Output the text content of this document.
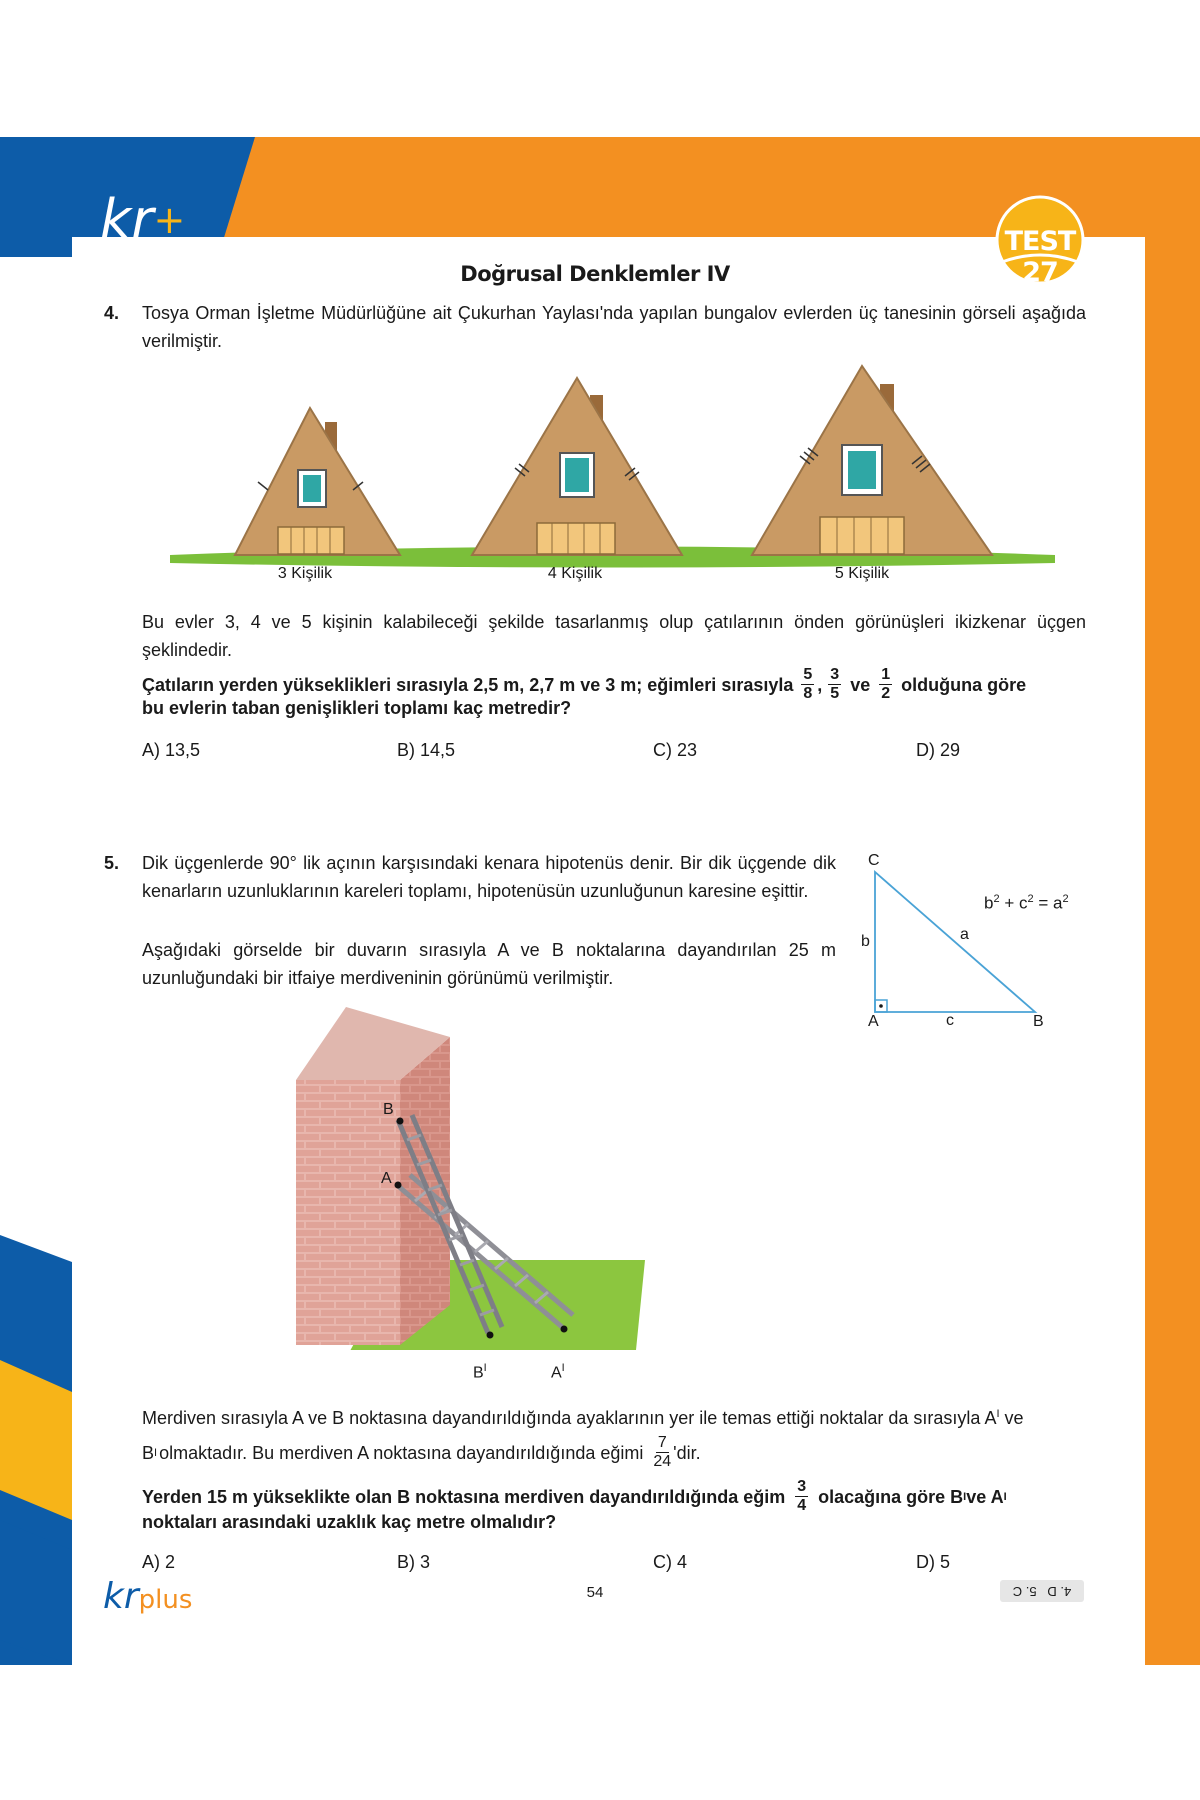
kr+	TEST 27
Doğrusal Denklemler IV
4. Tosya Orman İşletme Müdürlüğüne ait Çukurhan Yaylası'nda yapılan bungalov evlerden üç tanesinin görseli aşağıda verilmiştir.
3 Kişilik	4 Kişilik	5 Kişilik
Bu evler 3, 4 ve 5 kişinin kalabileceği şekilde tasarlanmış olup çatılarının önden görünüşleri ikizkenar üçgen şeklindedir.
Çatıların yerden yükseklikleri sırasıyla 2,5 m, 2,7 m ve 3 m; eğimleri sırasıyla $\frac{5}{8}$ , $\frac{3}{5}$ ve $\frac{1}{2}$ olduğuna göre
bu evlerin taban genişlikleri toplamı kaç metredir?
A) 13,5	B) 14,5	C) 23	D) 29
5. Dik üçgenlerde 90° lik açının karşısındaki kenara hipotenüs denir. Bir dik üçgende dik kenarların uzunluklarının kareleri toplamı, hipotenüsün uzunluğunun karesine eşittir.
Aşağıdaki görselde bir duvarın sırasıyla A ve B noktalarına dayandırılan 25 m uzunluğundaki bir itfaiye merdiveninin görünümü verilmiştir.
C
A	B
b
c
a
$b^2 + c^2 = a^2$
B
A
$B^I$	$A^I$
Merdiven sırasıyla A ve B noktasına dayandırıldığında ayaklarının yer ile temas ettiği noktalar da sırasıyla $A^I$ ve
B I olmaktadır. Bu merdiven A noktasına dayandırıldığında eğimi $\frac{7}{24}$ 'dir.
Yerden 15 m yükseklikte olan B noktasına merdiven dayandırıldığında eğim $\frac{3}{4}$ olacağına göre B I ve A I
noktaları arasındaki uzaklık kaç metre olmalıdır?
A) 2	B) 3	C) 4	D) 5
krplus	54	4. D   5. C
